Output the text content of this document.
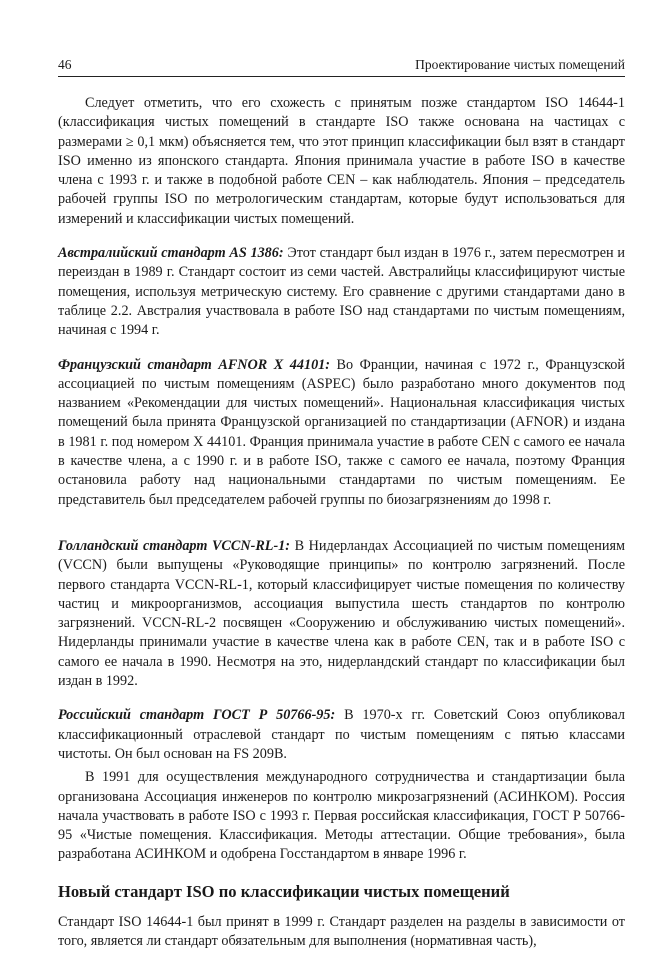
46	Проектирование чистых помещений

Следует отметить, что его схожесть с принятым позже стандартом ISO 14644-1 (классификация чистых помещений в стандарте ISO также основана на частицах с размерами ≥ 0,1 мкм) объясняется тем, что этот принцип классификации был взят в стандарт ISO именно из японского стандарта. Япония принимала участие в работе ISO в качестве члена с 1993 г. и также в подобной работе CEN – как наблюдатель. Япония – председатель рабочей группы ISO по метрологическим стандартам, которые будут использоваться для измерений и классификации чистых помещений.

Австралийский стандарт AS 1386: Этот стандарт был издан в 1976 г., затем пересмотрен и переиздан в 1989 г. Стандарт состоит из семи частей. Австралийцы классифицируют чистые помещения, используя метрическую систему. Его сравнение с другими стандартами дано в таблице 2.2. Австралия участвовала в работе ISO над стандартами по чистым помещениям, начиная с 1994 г.

Французский стандарт AFNOR X 44101: Во Франции, начиная с 1972 г., Французской ассоциацией по чистым помещениям (ASPEC) было разработано много документов под названием «Рекомендации для чистых помещений». Национальная классификация чистых помещений была принята Французской организацией по стандартизации (AFNOR) и издана в 1981 г. под номером X 44101. Франция принимала участие в работе CEN с самого ее начала в качестве члена, а с 1990 г. и в работе ISO, также с самого ее начала, поэтому Франция остановила работу над национальными стандартами по чистым помещениям. Ее представитель был председателем рабочей группы по биозагрязнениям до 1998 г.

Голландский стандарт VCCN-RL-1: В Нидерландах Ассоциацией по чистым помещениям (VCCN) были выпущены «Руководящие принципы» по контролю загрязнений. После первого стандарта VCCN-RL-1, который классифицирует чистые помещения по количеству частиц и микроорганизмов, ассоциация выпустила шесть стандартов по контролю загрязнений. VCCN-RL-2 посвящен «Сооружению и обслуживанию чистых помещений». Нидерланды принимали участие в качестве члена как в работе CEN, так и в работе ISO с самого ее начала в 1990. Несмотря на это, нидерландский стандарт по классификации был издан в 1992.

Российский стандарт ГОСТ Р 50766-95: В 1970-х гг. Советский Союз опубликовал классификационный отраслевой стандарт по чистым помещениям с пятью классами чистоты. Он был основан на FS 209B.

В 1991 для осуществления международного сотрудничества и стандартизации была организована Ассоциация инженеров по контролю микрозагрязнений (АСИНКОМ). Россия начала участвовать в работе ISO с 1993 г. Первая российская классификация, ГОСТ Р 50766-95 «Чистые помещения. Классификация. Методы аттестации. Общие требования», была разработана АСИНКОМ и одобрена Госстандартом в январе 1996 г.

Новый стандарт ISO по классификации чистых помещений

Стандарт ISO 14644-1 был принят в 1999 г. Стандарт разделен на разделы в зависимости от того, является ли стандарт обязательным для выполнения (нормативная часть),
